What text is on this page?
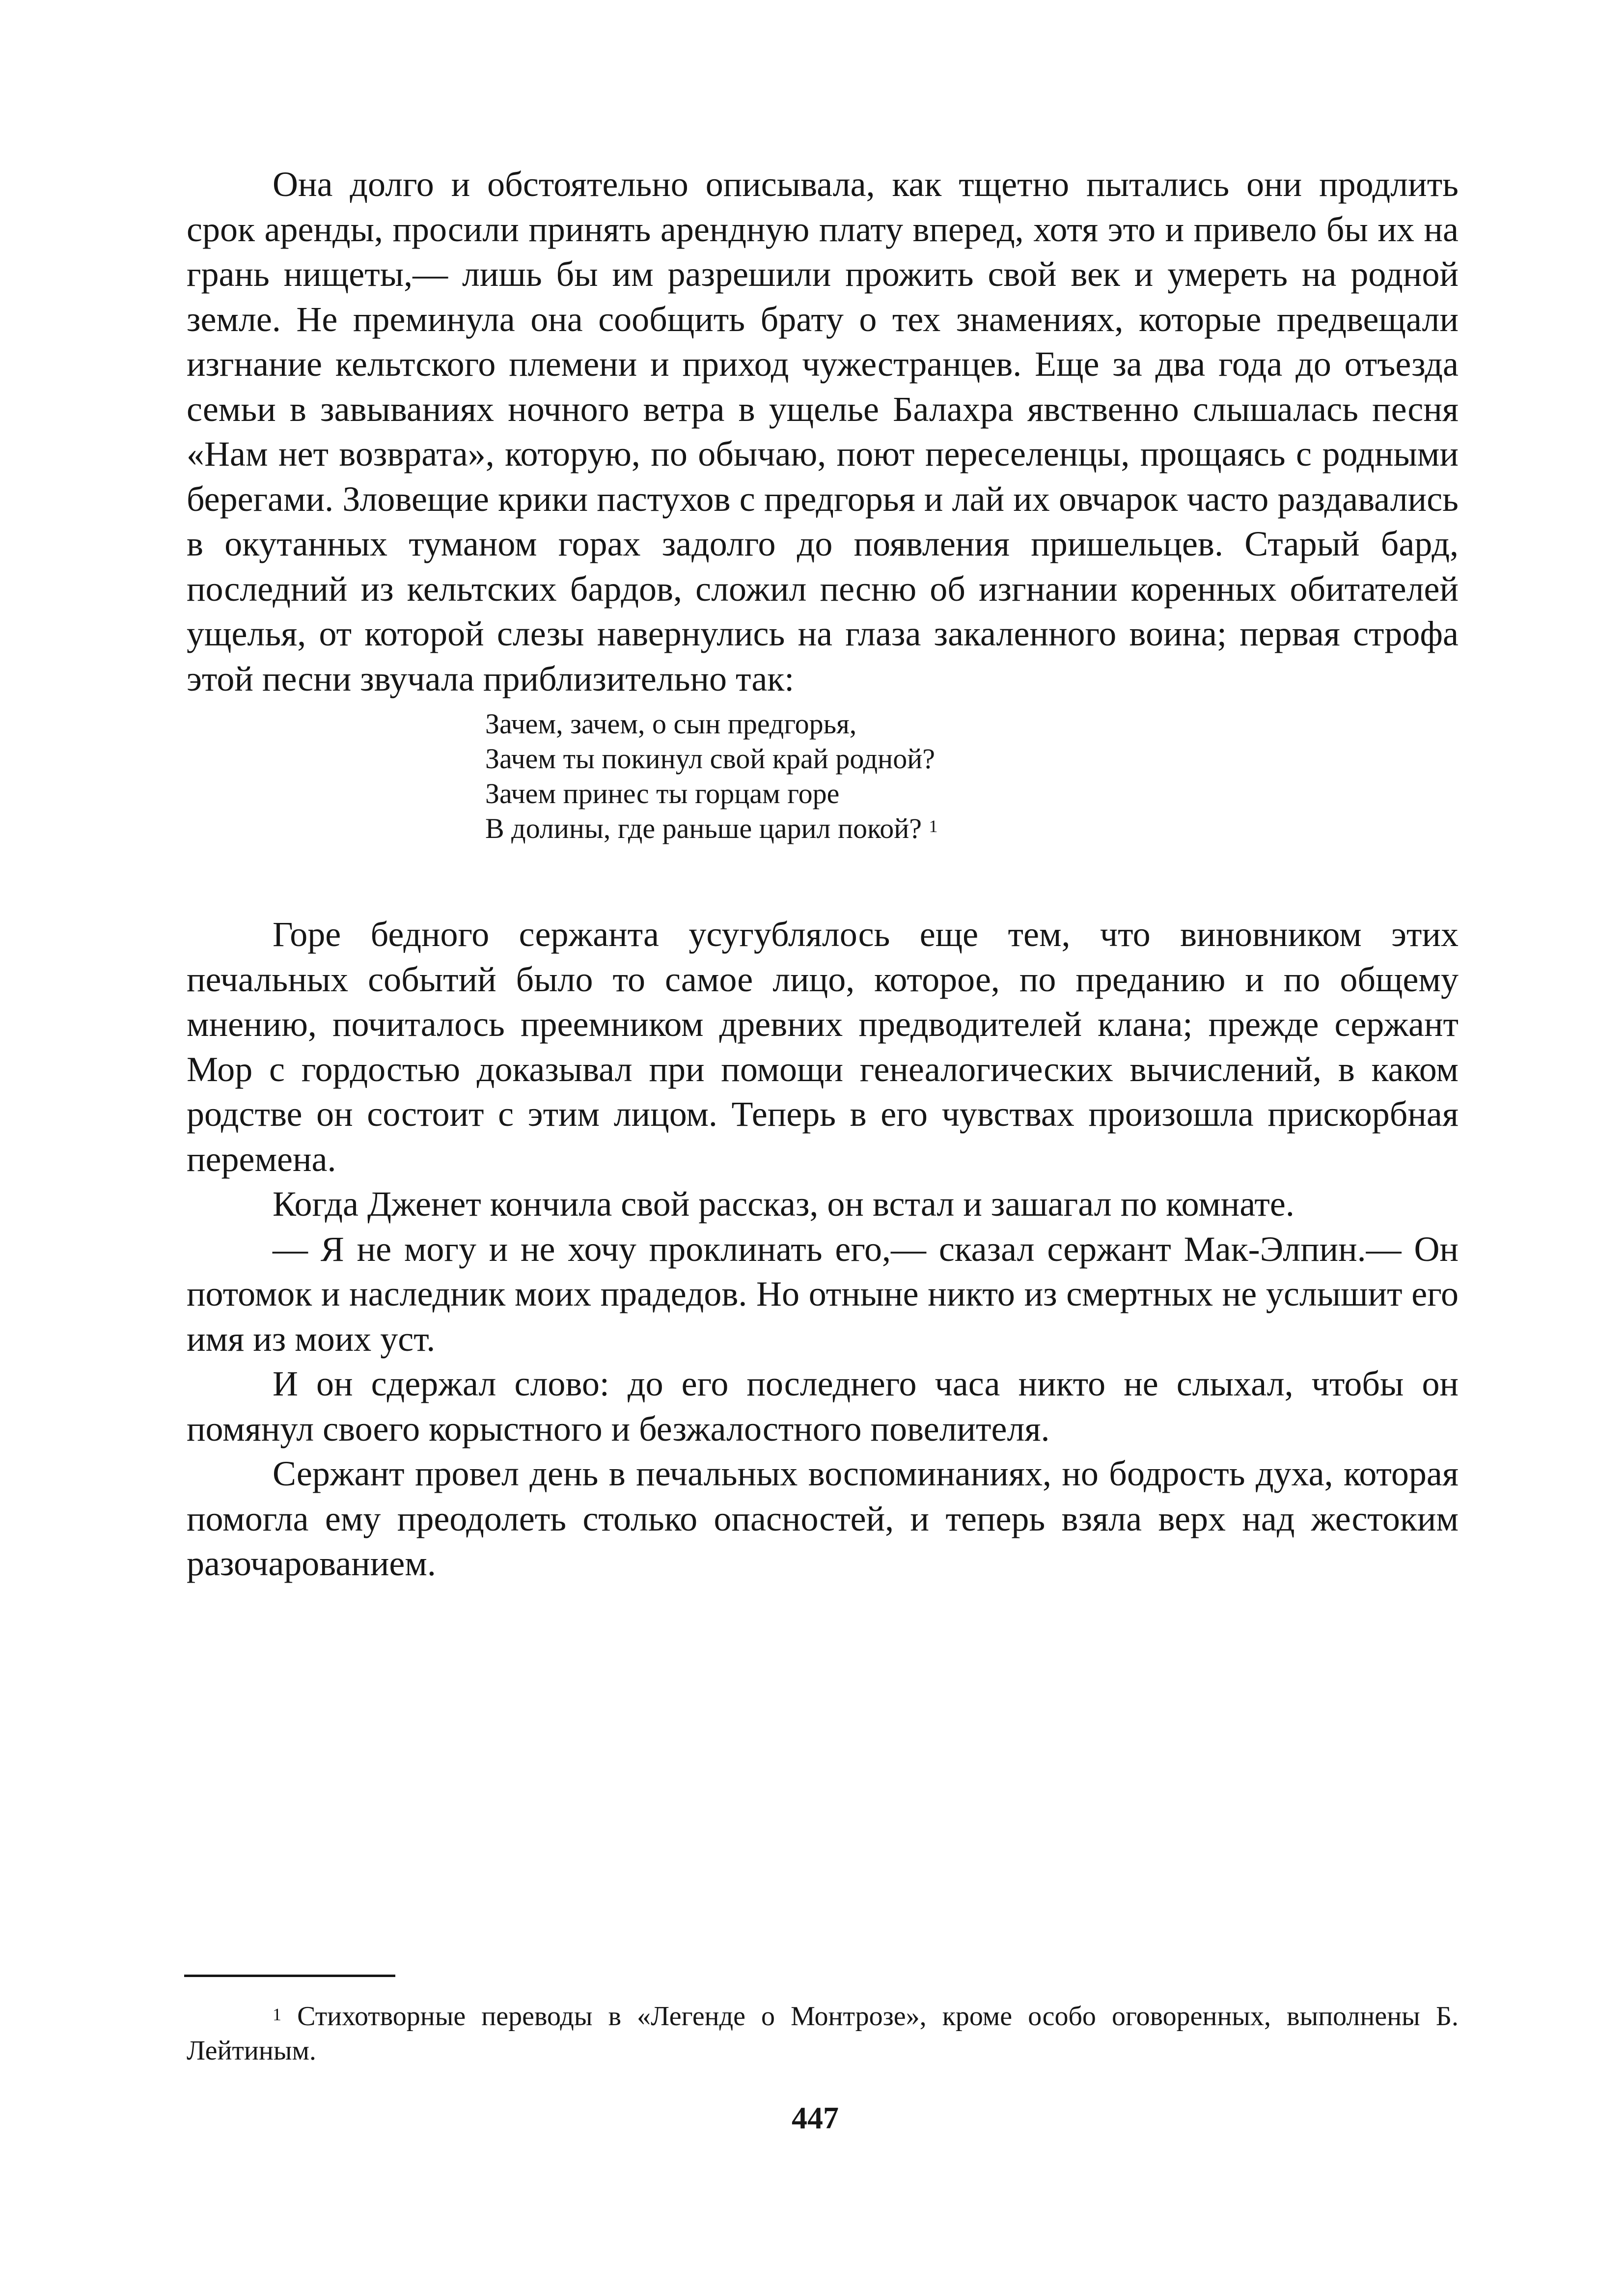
Она долго и обстоятельно описывала, как тщетно пытались они продлить срок аренды, просили принять арендную плату вперед, хотя это и привело бы их на грань нищеты,— лишь бы им разрешили прожить свой век и умереть на родной земле. Не преминула она сообщить брату о тех знамениях, которые предвещали изгнание кельтского племени и приход чужестранцев. Еще за два года до отъезда семьи в завываниях ночного ветра в ущелье Балахра явственно слышалась песня «Нам нет возврата», которую, по обычаю, поют переселенцы, прощаясь с родными берегами. Зловещие крики пастухов с предгорья и лай их овчарок часто раздавались в окутанных туманом горах задолго до появления пришельцев. Старый бард, последний из кельтских бардов, сложил песню об изгнании коренных обитателей ущелья, от которой слезы навернулись на глаза закаленного воина; первая строфа этой песни звучала приблизительно так:

Зачем, зачем, о сын предгорья,
Зачем ты покинул свой край родной?
Зачем принес ты горцам горе
В долины, где раньше царил покой? $^1$

Горе бедного сержанта усугублялось еще тем, что виновником этих печальных событий было то самое лицо, которое, по преданию и по общему мнению, почиталось преемником древних предводителей клана; прежде сержант Мор с гордостью доказывал при помощи генеалогических вычислений, в каком родстве он состоит с этим лицом. Теперь в его чувствах произошла прискорбная перемена.

Когда Дженет кончила свой рассказ, он встал и зашагал по комнате.

— Я не могу и не хочу проклинать его,— сказал сержант Мак-Элпин.— Он потомок и наследник моих прадедов. Но отныне никто из смертных не услышит его имя из моих уст.

И он сдержал слово: до его последнего часа никто не слыхал, чтобы он помянул своего корыстного и безжалостного повелителя.

Сержант провел день в печальных воспоминаниях, но бодрость духа, которая помогла ему преодолеть столько опасностей, и теперь взяла верх над жестоким разочарованием.

$^1$ Стихотворные переводы в «Легенде о Монтрозе», кроме особо оговоренных, выполнены Б. Лейтиным.

447
